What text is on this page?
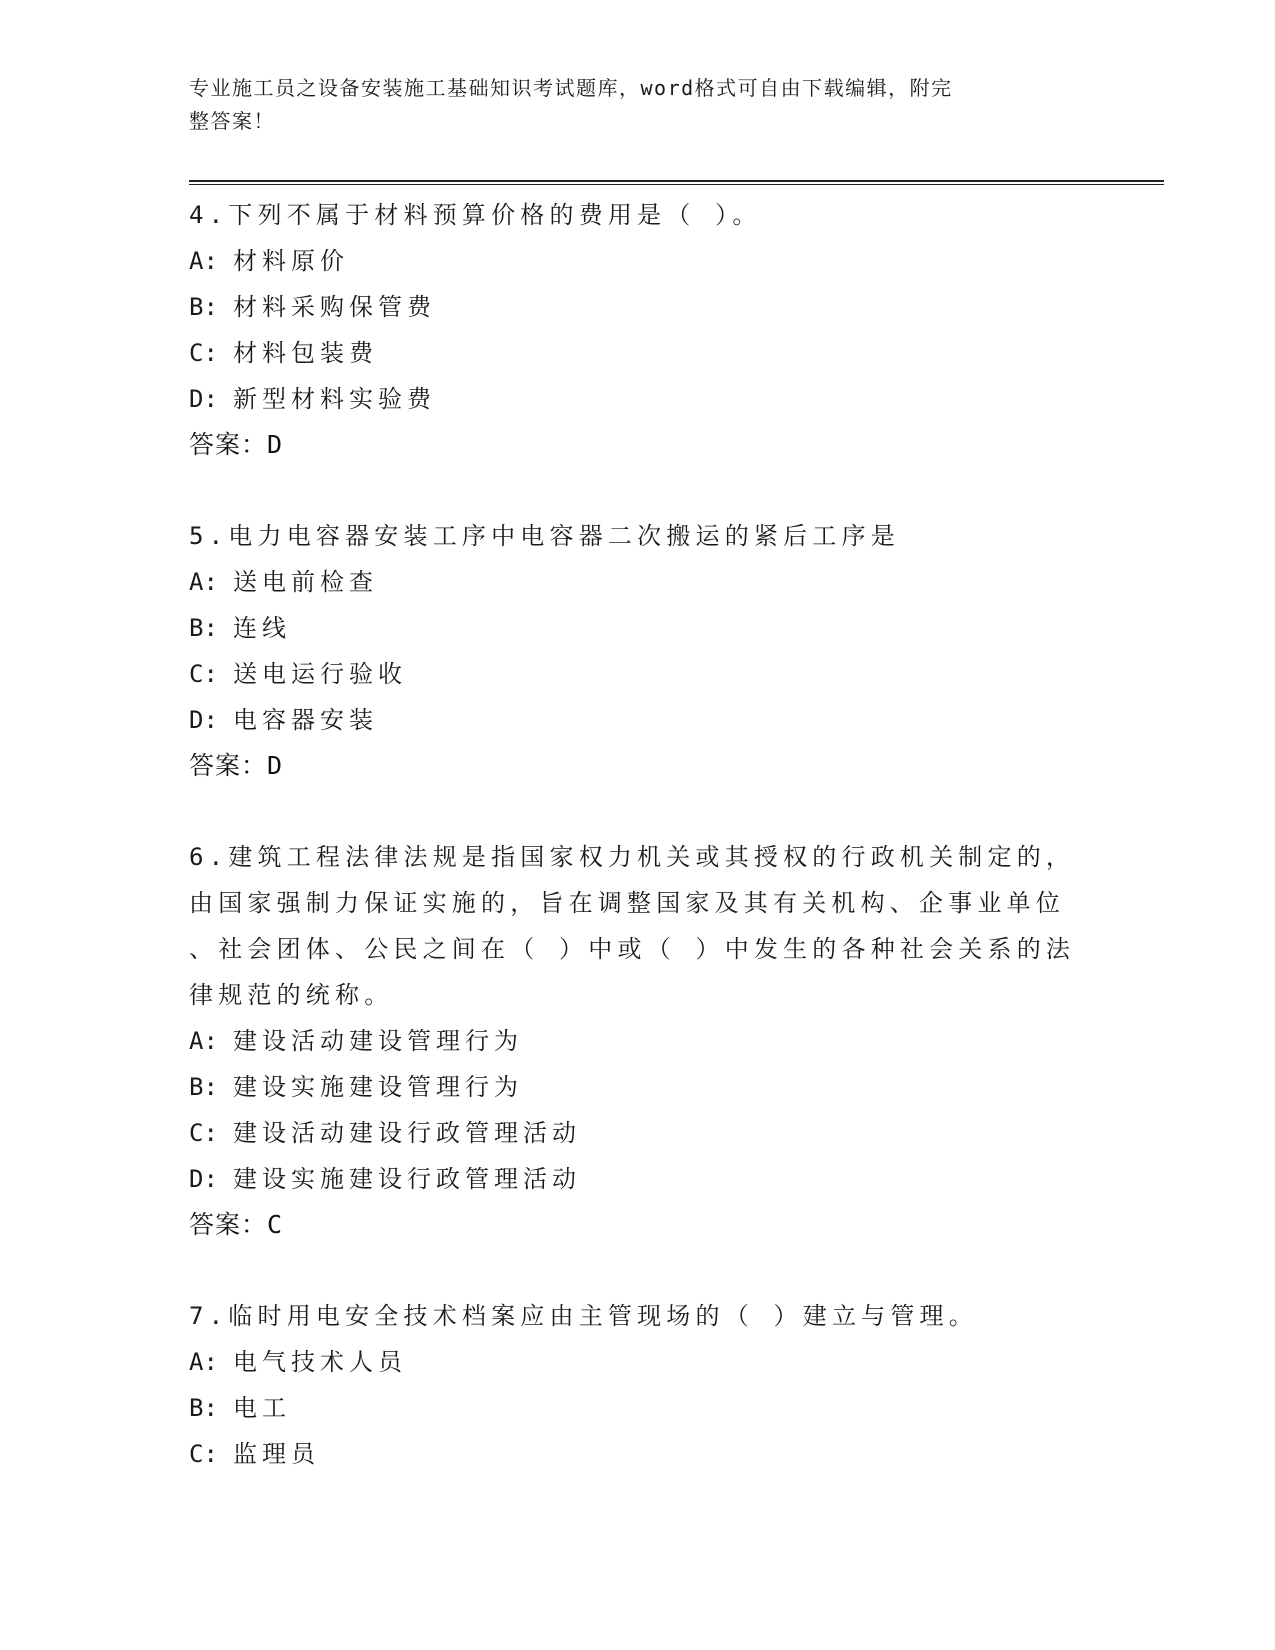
专业施工员之设备安装施工基础知识考试题库，word格式可自由下载编辑，附完
整答案！
4.下列不属于材料预算价格的费用是（ ）。
A: 材料原价
B: 材料采购保管费
C: 材料包装费
D: 新型材料实验费
答案：D
5.电力电容器安装工序中电容器二次搬运的紧后工序是
A: 送电前检查
B: 连线
C: 送电运行验收
D: 电容器安装
答案：D
6.建筑工程法律法规是指国家权力机关或其授权的行政机关制定的，
由国家强制力保证实施的，旨在调整国家及其有关机构、企事业单位
、社会团体、公民之间在（ ）中或（ ）中发生的各种社会关系的法
律规范的统称。
A: 建设活动建设管理行为
B: 建设实施建设管理行为
C: 建设活动建设行政管理活动
D: 建设实施建设行政管理活动
答案：C
7.临时用电安全技术档案应由主管现场的（ ）建立与管理。
A: 电气技术人员
B: 电工
C: 监理员
